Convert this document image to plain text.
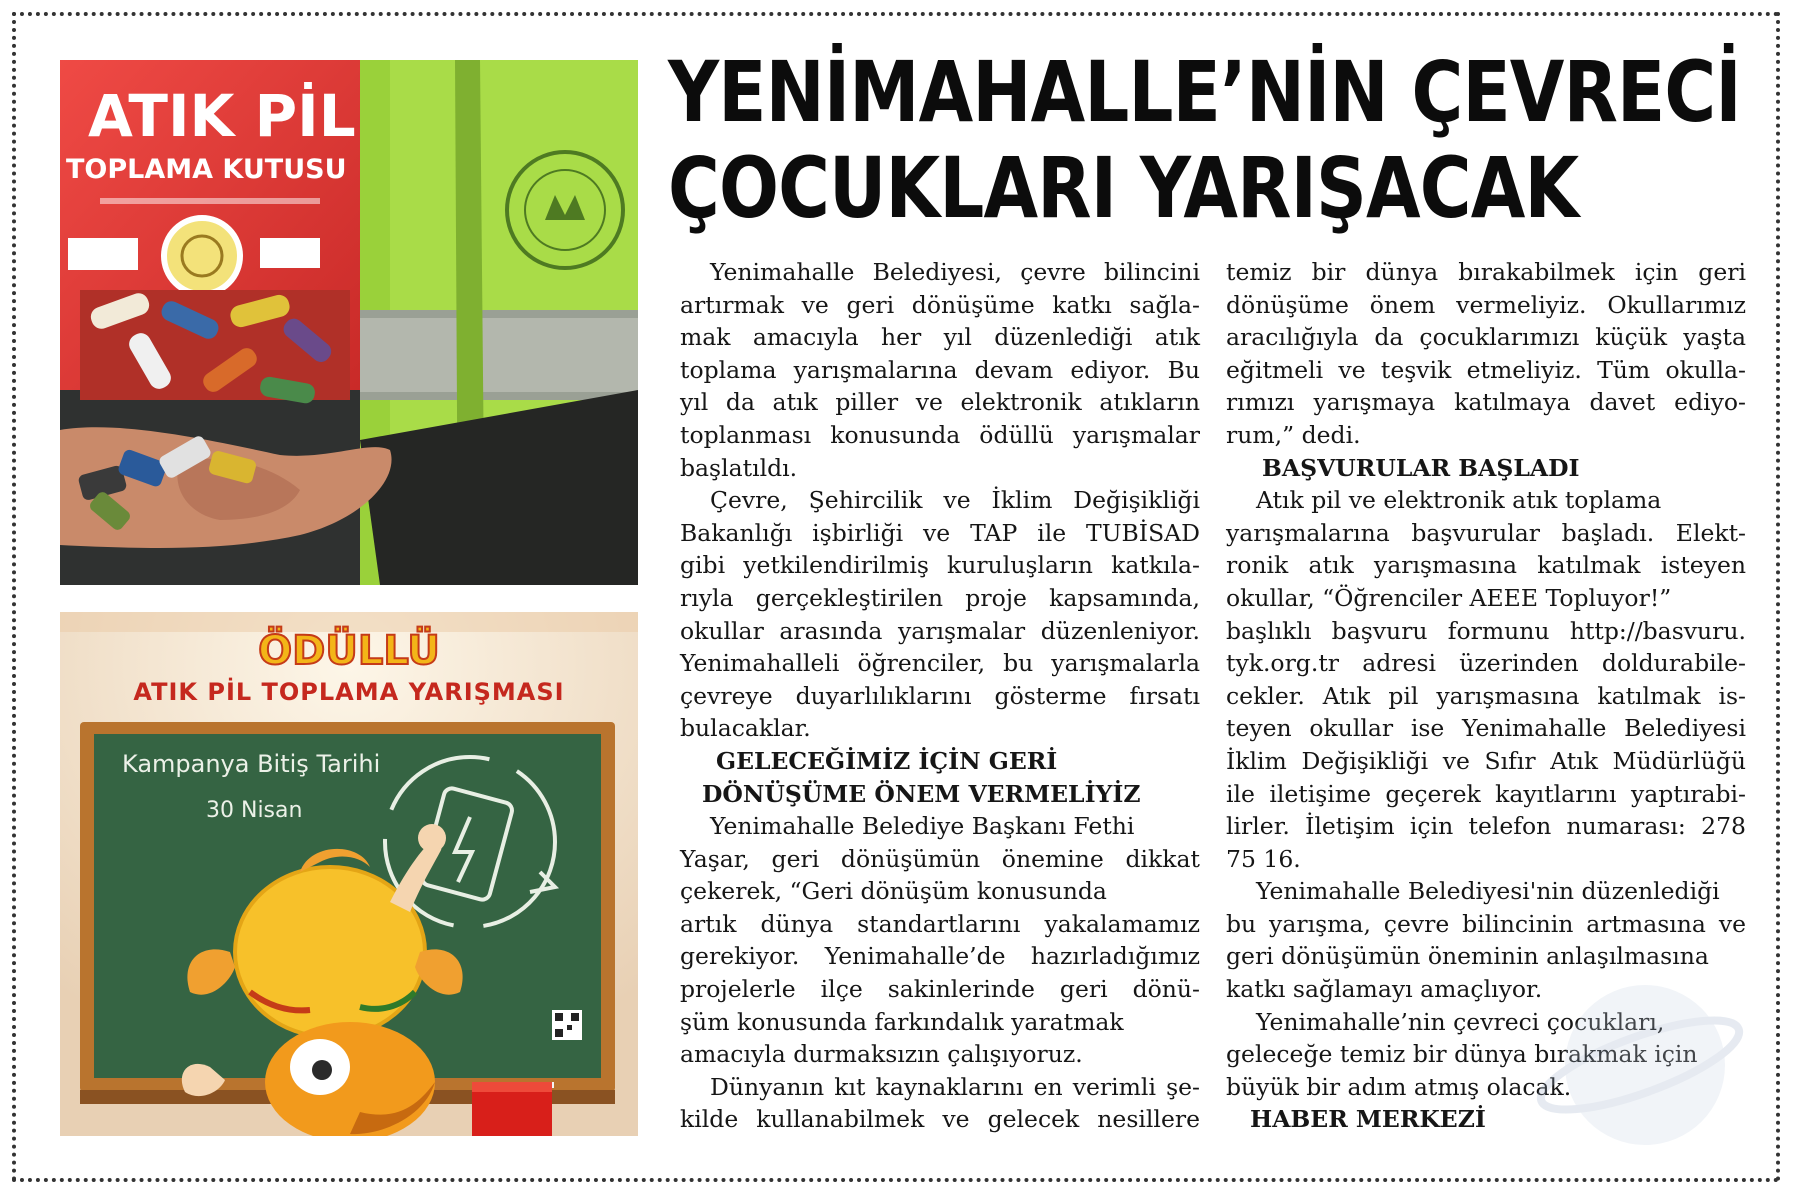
ATIK PİL
TOPLAMA KUTUSU
ÖDÜLLÜ
ATIK PİL TOPLAMA YARIŞMASI
Kampanya Bitiş Tarihi
30 Nisan
YENİMAHALLE’NİN ÇEVRECİ
ÇOCUKLARI YARIŞACAK

Yenimahalle Belediyesi, çevre bilincini
artırmak ve geri dönüşüme katkı sağla-

mak amacıyla her yıl düzenlediği atık
toplama yarışmalarına devam ediyor. Bu
yıl da atık piller ve elektronik atıkların
toplanması konusunda ödüllü yarışmalar
başlatıldı.

Çevre, Şehircilik ve İklim Değişikliği

Bakanlığı işbirliği ve TAP ile TUBİSAD
gibi yetkilendirilmiş kuruluşların katkıla-
rıyla gerçekleştirilen proje kapsamında,
okullar arasında yarışmalar düzenleniyor.
Yenimahalleli öğrenciler, bu yarışmalarla
çevreye duyarlılıklarını gösterme fırsatı
bulacaklar.

GELECEĞİMİZ İÇİN GERİ

DÖNÜŞÜME ÖNEM VERMELİYİZ

Yenimahalle Belediye Başkanı Fethi

Yaşar, geri dönüşümün önemine dikkat
çekerek, “Geri dönüşüm konusunda
artık dünya standartlarını yakalamamız
gerekiyor. Yenimahalle’de hazırladığımız
projelerle ilçe sakinlerinde geri dönü-
şüm konusunda farkındalık yaratmak amacıyla durmaksızın çalışıyoruz.

Dünyanın kıt kaynaklarını en verimli şe-

kilde kullanabilmek ve gelecek nesillere

temiz bir dünya bırakabilmek için geri
dönüşüme önem vermeliyiz. Okullarımız
aracılığıyla da çocuklarımızı küçük yaşta
eğitmeli ve teşvik etmeliyiz. Tüm okulla-
rımızı yarışmaya katılmaya davet ediyo-
rum,” dedi.

BAŞVURULAR BAŞLADI

Atık pil ve elektronik atık toplama

yarışmalarına başvurular başladı. Elekt-
ronik atık yarışmasına katılmak isteyen
okullar, “Öğrenciler AEEE Topluyor!”
başlıklı başvuru formunu http://basvuru.
tyk.org.tr adresi üzerinden doldurabile-
cekler. Atık pil yarışmasına katılmak is-
teyen okullar ise Yenimahalle Belediyesi
İklim Değişikliği ve Sıfır Atık Müdürlüğü
ile iletişime geçerek kayıtlarını yaptırabi-
lirler. İletişim için telefon numarası: 278
75 16.

Yenimahalle Belediyesi'nin düzenlediği

bu yarışma, çevre bilincinin artmasına ve
geri dönüşümün öneminin anlaşılmasına katkı sağlamayı amaçlıyor.

Yenimahalle’nin çevreci çocukları,

geleceğe temiz bir dünya bırakmak için büyük bir adım atmış olacak.

HABER MERKEZİ
